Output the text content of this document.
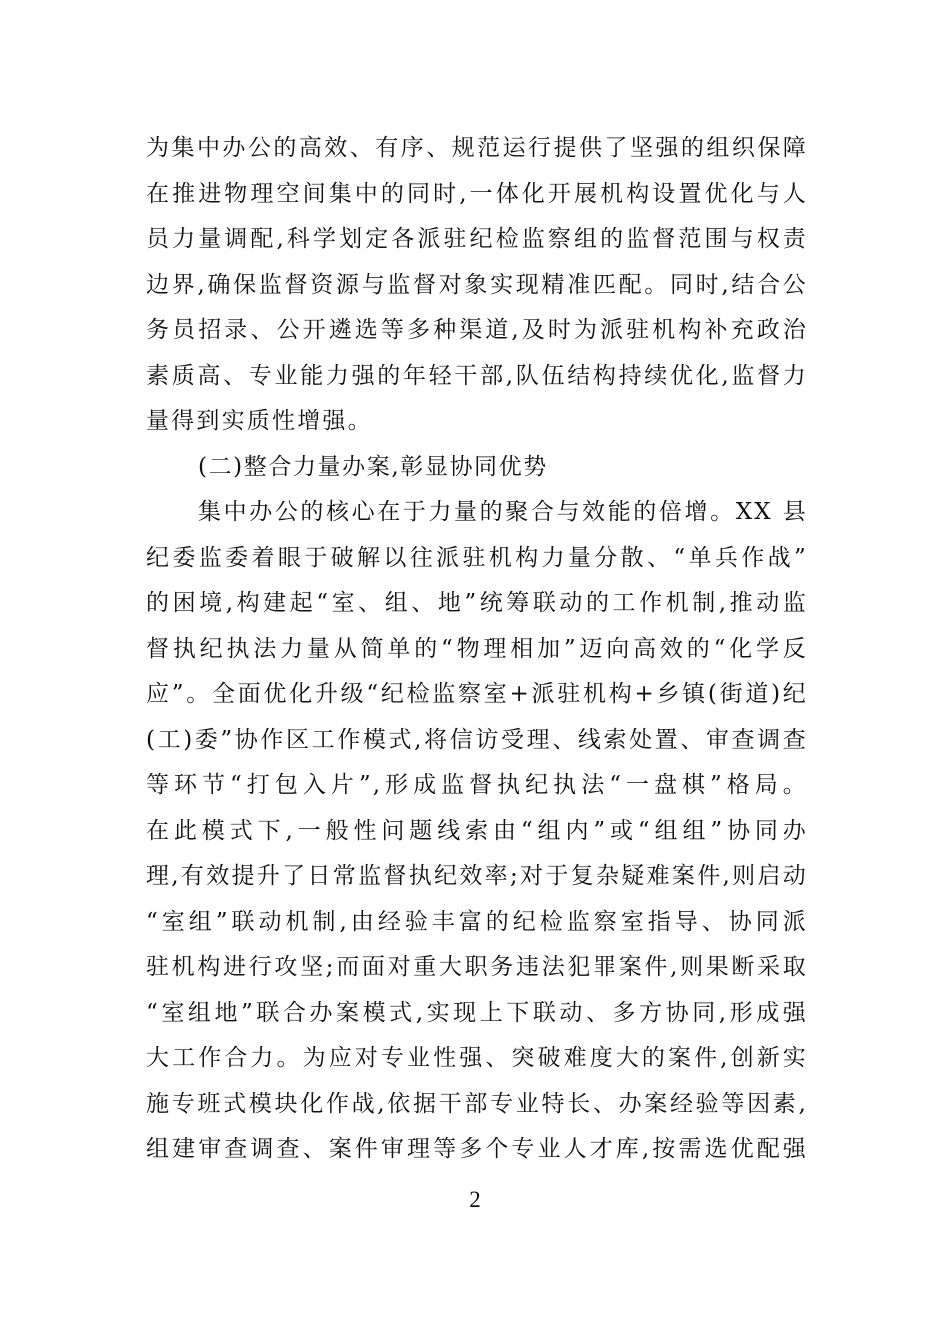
为集中办公的高效、有序、规范运行提供了坚强的组织保障
在推进物理空间集中的同时,一体化开展机构设置优化与人
员力量调配,科学划定各派驻纪检监察组的监督范围与权责
边界,确保监督资源与监督对象实现精准匹配。同时,结合公
务员招录、公开遴选等多种渠道,及时为派驻机构补充政治
素质高、专业能力强的年轻干部,队伍结构持续优化,监督力
量得到实质性增强。
(二)整合力量办案,彰显协同优势
集中办公的核心在于力量的聚合与效能的倍增。XX 县
纪委监委着眼于破解以往派驻机构力量分散、“单兵作战”
的困境,构建起“室、组、地”统筹联动的工作机制,推动监
督执纪执法力量从简单的“物理相加”迈向高效的“化学反
应”。全面优化升级“纪检监察室+派驻机构+乡镇(街道)纪
(工)委”协作区工作模式,将信访受理、线索处置、审查调查
等环节“打包入片”,形成监督执纪执法“一盘棋”格局。
在此模式下,一般性问题线索由“组内”或“组组”协同办
理,有效提升了日常监督执纪效率;对于复杂疑难案件,则启动
“室组”联动机制,由经验丰富的纪检监察室指导、协同派
驻机构进行攻坚;而面对重大职务违法犯罪案件,则果断采取
“室组地”联合办案模式,实现上下联动、多方协同,形成强
大工作合力。为应对专业性强、突破难度大的案件,创新实
施专班式模块化作战,依据干部专业特长、办案经验等因素,
组建审查调查、案件审理等多个专业人才库,按需选优配强
2
